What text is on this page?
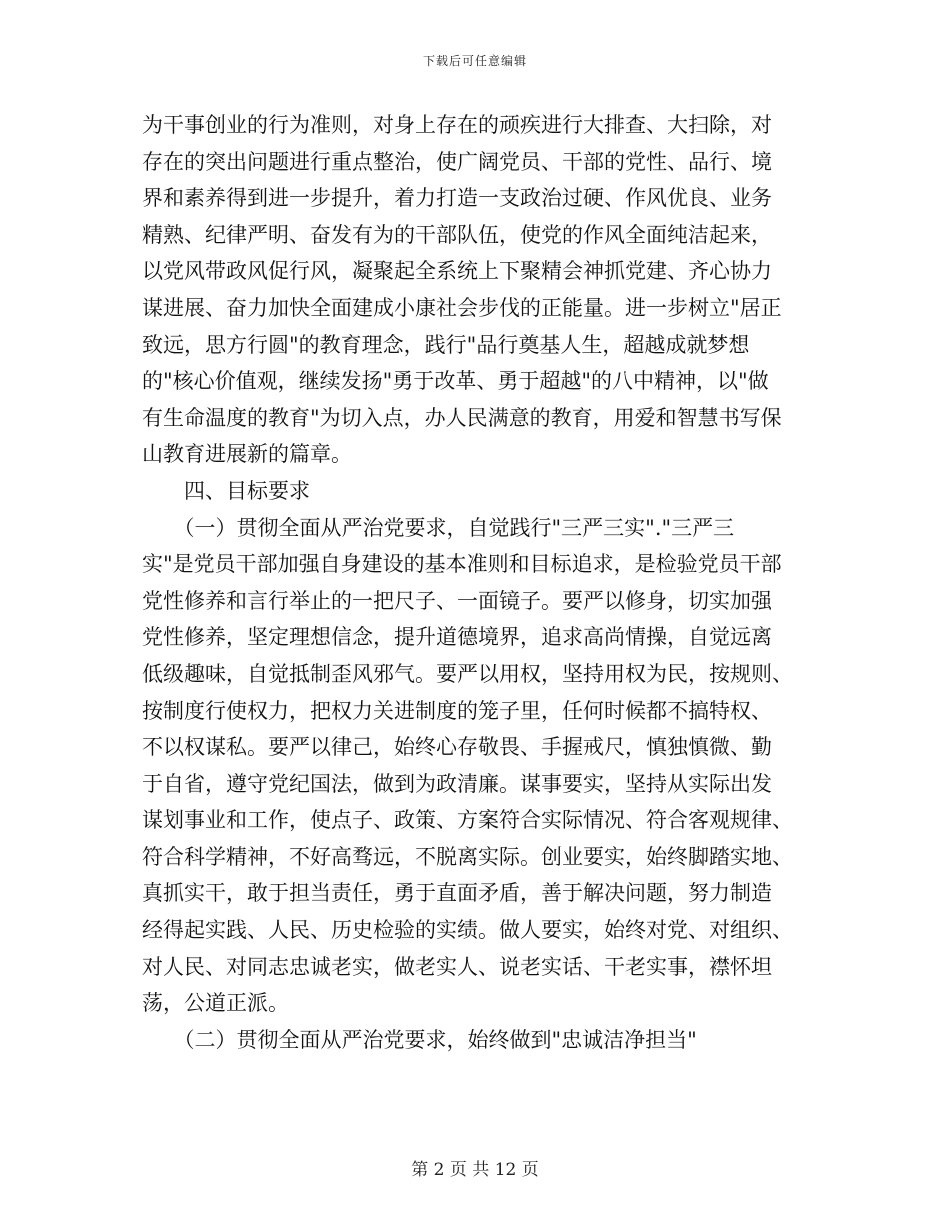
下载后可任意编辑

为干事创业的行为准则，对身上存在的顽疾进行大排查、大扫除，对

存在的突出问题进行重点整治，使广阔党员、干部的党性、品行、境

界和素养得到进一步提升，着力打造一支政治过硬、作风优良、业务

精熟、纪律严明、奋发有为的干部队伍，使党的作风全面纯洁起来，

以党风带政风促行风，凝聚起全系统上下聚精会神抓党建、齐心协力

谋进展、奋力加快全面建成小康社会步伐的正能量。进一步树立"居正

致远，思方行圆"的教育理念，践行"品行奠基人生，超越成就梦想

的"核心价值观，继续发扬"勇于改革、勇于超越"的八中精神，以"做

有生命温度的教育"为切入点，办人民满意的教育，用爱和智慧书写保

山教育进展新的篇章。

　　四、目标要求

　　（一）贯彻全面从严治党要求，自觉践行"三严三实"."三严三

实"是党员干部加强自身建设的基本准则和目标追求，是检验党员干部

党性修养和言行举止的一把尺子、一面镜子。要严以修身，切实加强

党性修养，坚定理想信念，提升道德境界，追求高尚情操，自觉远离

低级趣味，自觉抵制歪风邪气。要严以用权，坚持用权为民，按规则、

按制度行使权力，把权力关进制度的笼子里，任何时候都不搞特权、

不以权谋私。要严以律己，始终心存敬畏、手握戒尺，慎独慎微、勤

于自省，遵守党纪国法，做到为政清廉。谋事要实，坚持从实际出发

谋划事业和工作，使点子、政策、方案符合实际情况、符合客观规律、

符合科学精神，不好高骛远，不脱离实际。创业要实，始终脚踏实地、

真抓实干，敢于担当责任，勇于直面矛盾，善于解决问题，努力制造

经得起实践、人民、历史检验的实绩。做人要实，始终对党、对组织、

对人民、对同志忠诚老实，做老实人、说老实话、干老实事，襟怀坦

荡，公道正派。

　　（二）贯彻全面从严治党要求，始终做到"忠诚洁净担当"

第 2 页 共 12 页
